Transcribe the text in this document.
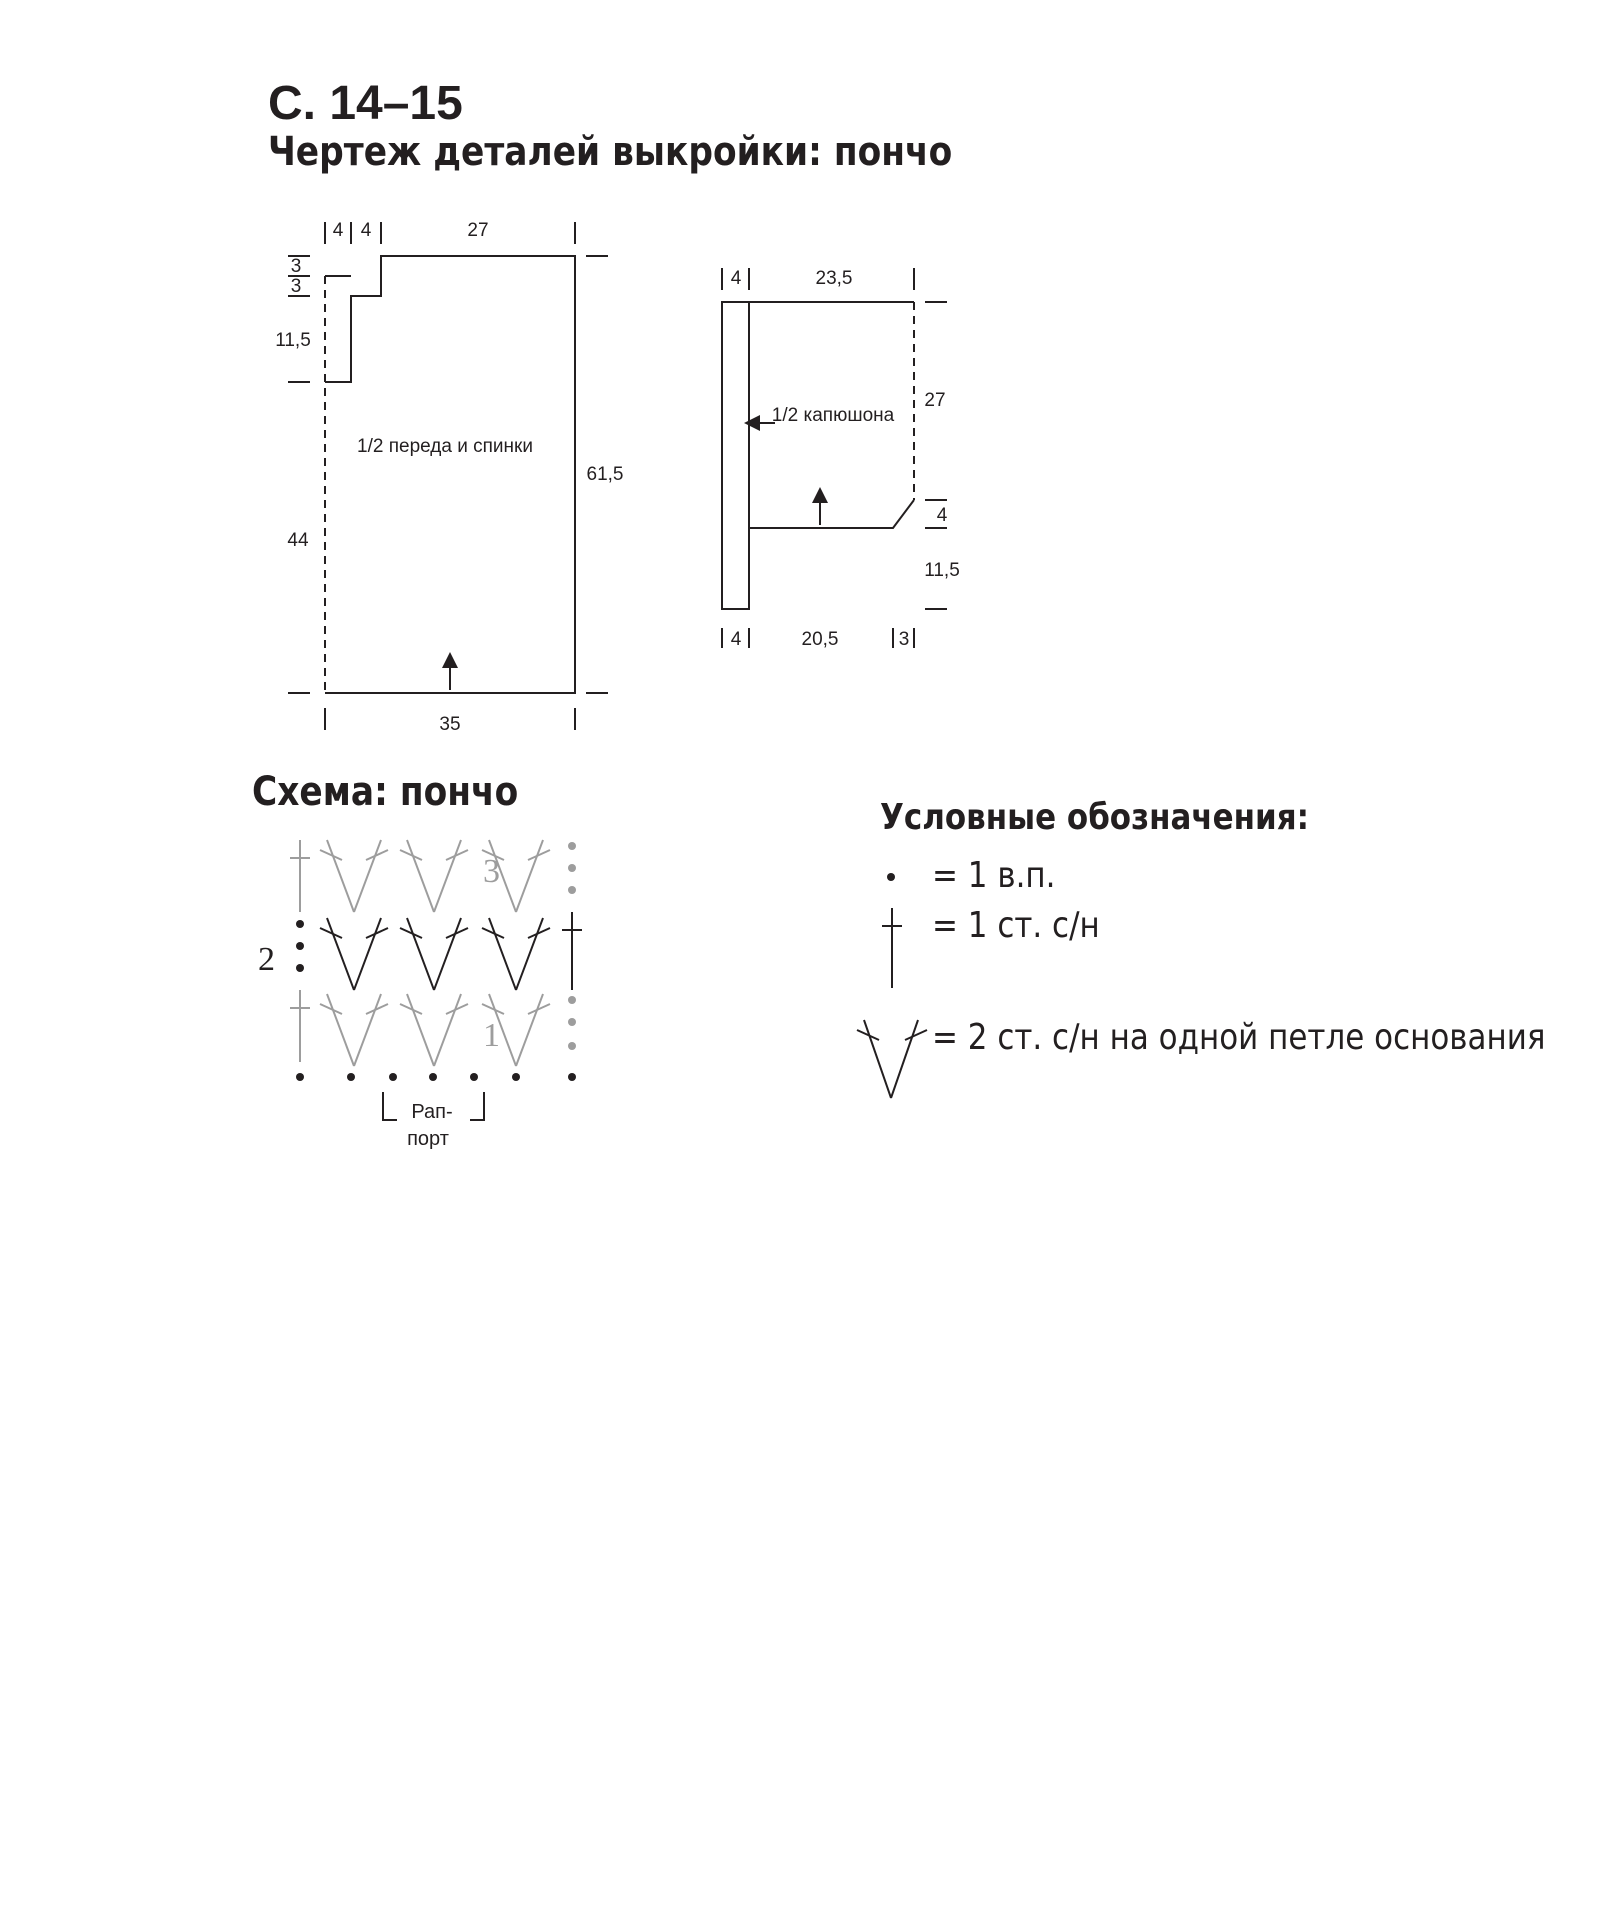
С. 14–15
Чертеж деталей выкройки: пончо
4 4	27
3
3
11,5
44
61,5
35
1/2 переда и спинки
4	23,5
27
4
11,5
4	20,5	3
1/2 капюшона
3
2
1
Рап-
порт
Схема: пончо
Условные обозначения:
= 1 в.п.
= 1 ст. с/н
= 2 ст. с/н на одной петле основания
